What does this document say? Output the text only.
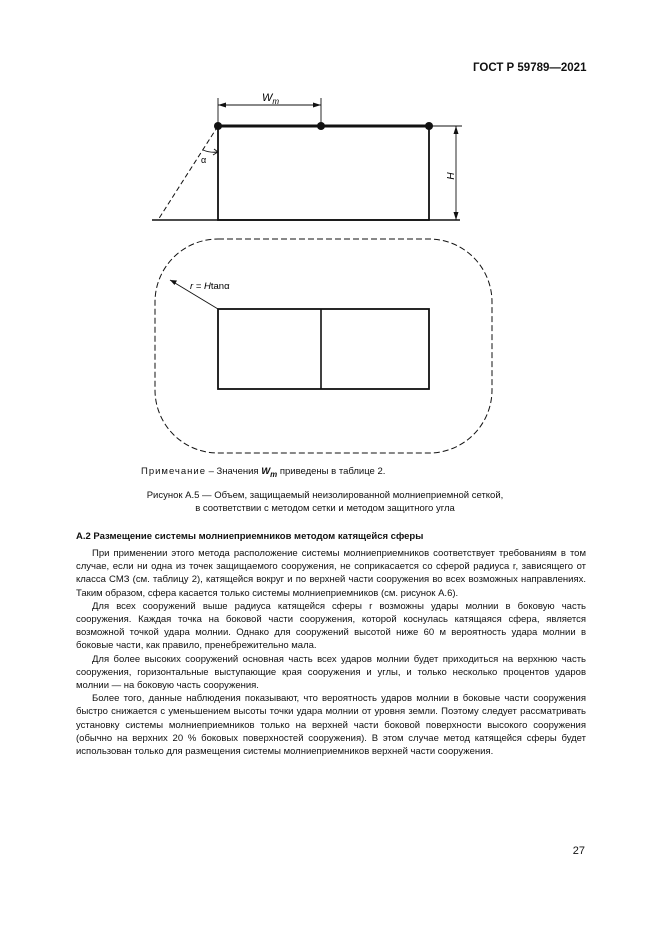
ГОСТ Р 59789—2021
$W_m$
H
α
r = Htanα
Примечание – Значения $W_m$ приведены в таблице 2.
Рисунок А.5 — Объем, защищаемый неизолированной молниеприемной сеткой,
в соответствии с методом сетки и методом защитного угла
А.2 Размещение системы молниеприемников методом катящейся сферы

При применении этого метода расположение системы молниеприемников соответствует требованиям в том случае, если ни одна из точек защищаемого сооружения, не соприкасается со сферой радиуса r, зависящего от класса СМЗ (см. таблицу 2), катящейся вокруг и по верхней части сооружения во всех возможных направлениях. Таким образом, сфера касается только системы молниеприемников (см. рисунок А.6).

Для всех сооружений выше радиуса катящейся сферы r возможны удары молнии в боковую часть сооружения. Каждая точка на боковой части сооружения, которой коснулась катящаяся сфера, является возможной точкой удара молнии. Однако для сооружений высотой ниже 60 м вероятность удара молнии в боковые части, как правило, пренебрежительно мала.

Для более высоких сооружений основная часть всех ударов молнии будет приходиться на верхнюю часть сооружения, горизонтальные выступающие края сооружения и углы, и только несколько процентов ударов молнии — на боковую часть сооружения.

Более того, данные наблюдения показывают, что вероятность ударов молнии в боковые части сооружения быстро снижается с уменьшением высоты точки удара молнии от уровня земли. Поэтому следует рассматривать установку системы молниеприемников только на верхней части боковой поверхности высокого сооружения (обычно на верхних 20 % боковых поверхностей сооружения). В этом случае метод катящейся сферы будет использован только для размещения системы молниеприемников верхней части сооружения.

27
